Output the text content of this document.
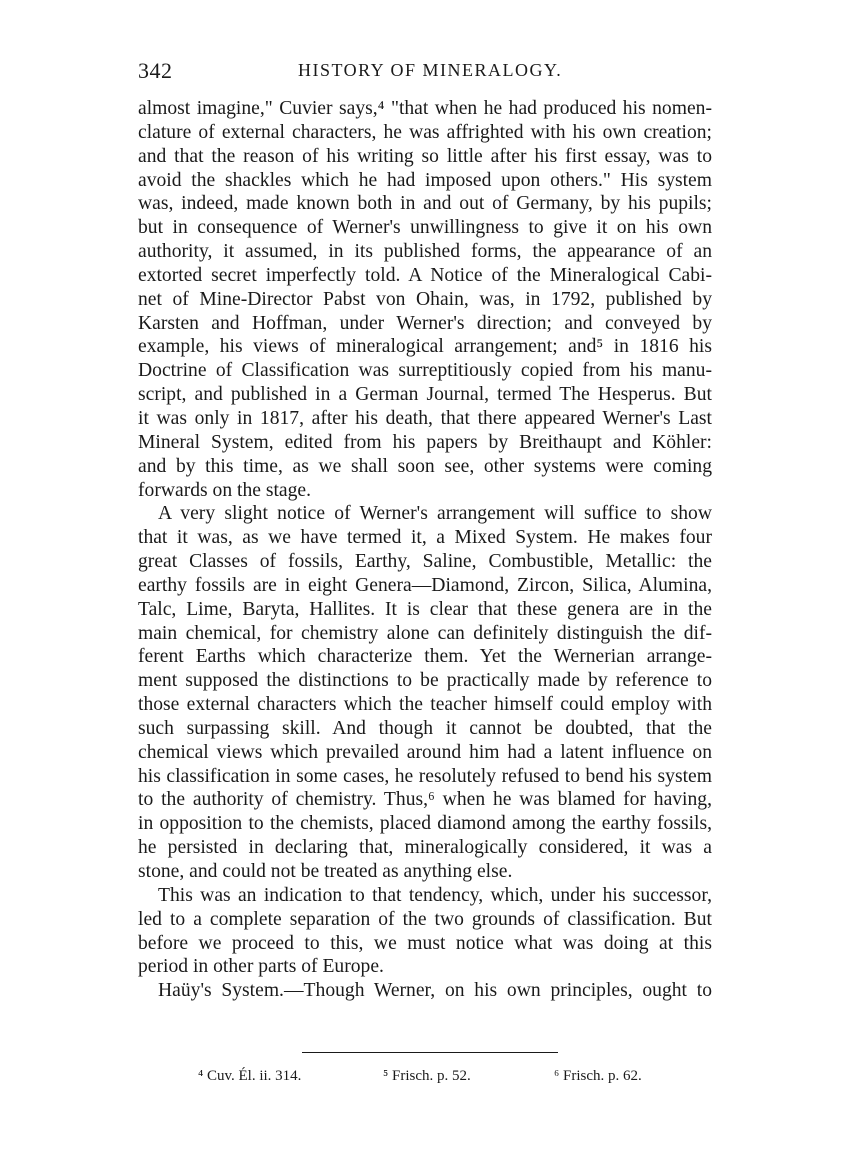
342	HISTORY OF MINERALOGY.
almost imagine," Cuvier says,⁴ "that when he had produced his nomen-
clature of external characters, he was affrighted with his own creation;
and that the reason of his writing so little after his first essay, was to
avoid the shackles which he had imposed upon others." His system
was, indeed, made known both in and out of Germany, by his pupils;
but in consequence of Werner's unwillingness to give it on his own
authority, it assumed, in its published forms, the appearance of an
extorted secret imperfectly told. A Notice of the Mineralogical Cabi-
net of Mine-Director Pabst von Ohain, was, in 1792, published by
Karsten and Hoffman, under Werner's direction; and conveyed by
example, his views of mineralogical arrangement; and⁵ in 1816 his
Doctrine of Classification was surreptitiously copied from his manu-
script, and published in a German Journal, termed The Hesperus. But
it was only in 1817, after his death, that there appeared Werner's Last
Mineral System, edited from his papers by Breithaupt and Köhler:
and by this time, as we shall soon see, other systems were coming
forwards on the stage.
A very slight notice of Werner's arrangement will suffice to show
that it was, as we have termed it, a Mixed System. He makes four
great Classes of fossils, Earthy, Saline, Combustible, Metallic: the
earthy fossils are in eight Genera—Diamond, Zircon, Silica, Alumina,
Talc, Lime, Baryta, Hallites. It is clear that these genera are in the
main chemical, for chemistry alone can definitely distinguish the dif-
ferent Earths which characterize them. Yet the Wernerian arrange-
ment supposed the distinctions to be practically made by reference to
those external characters which the teacher himself could employ with
such surpassing skill. And though it cannot be doubted, that the
chemical views which prevailed around him had a latent influence on
his classification in some cases, he resolutely refused to bend his system
to the authority of chemistry. Thus,⁶ when he was blamed for having,
in opposition to the chemists, placed diamond among the earthy fossils,
he persisted in declaring that, mineralogically considered, it was a
stone, and could not be treated as anything else.
This was an indication to that tendency, which, under his successor,
led to a complete separation of the two grounds of classification. But
before we proceed to this, we must notice what was doing at this
period in other parts of Europe.
Haüy's System.—Though Werner, on his own principles, ought to
⁴ Cuv. Él. ii. 314.	⁵ Frisch. p. 52.	⁶ Frisch. p. 62.
